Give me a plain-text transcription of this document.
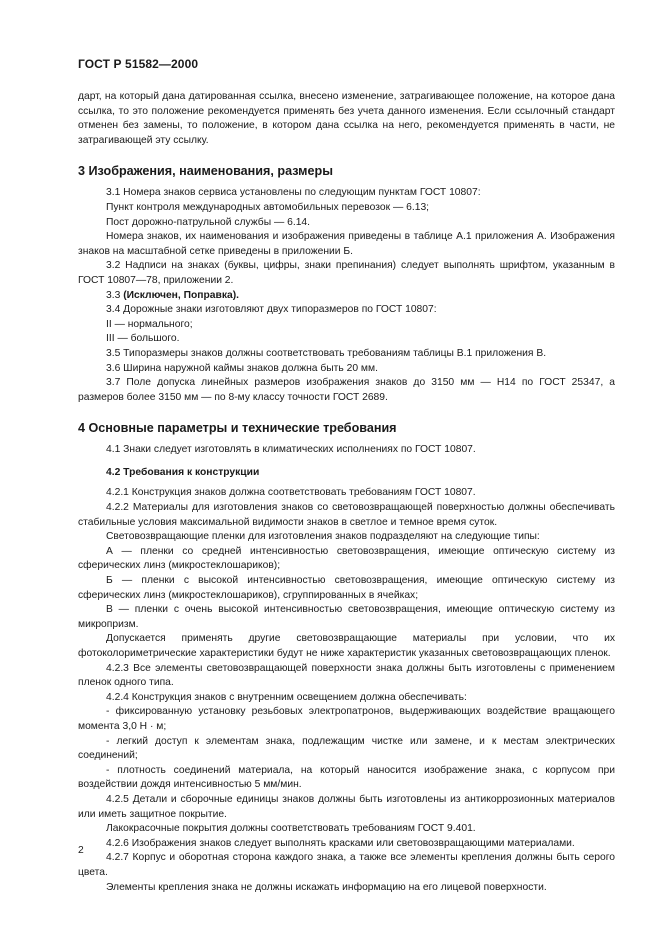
ГОСТ Р 51582—2000

дарт, на который дана датированная ссылка, внесено изменение, затрагивающее положение, на которое дана ссылка, то это положение рекомендуется применять без учета данного изменения. Если ссылочный стандарт отменен без замены, то положение, в котором дана ссылка на него, рекомендуется применять в части, не затрагивающей эту ссылку.

3 Изображения, наименования, размеры

3.1 Номера знаков сервиса установлены по следующим пунктам ГОСТ 10807:

Пункт контроля международных автомобильных перевозок — 6.13;

Пост дорожно-патрульной службы — 6.14.

Номера знаков, их наименования и изображения приведены в таблице А.1 приложения А. Изображения знаков на масштабной сетке приведены в приложении Б.

3.2 Надписи на знаках (буквы, цифры, знаки препинания) следует выполнять шрифтом, указанным в ГОСТ 10807—78, приложении 2.

3.3 (Исключен, Поправка).

3.4 Дорожные знаки изготовляют двух типоразмеров по ГОСТ 10807:

II — нормального;

III — большого.

3.5 Типоразмеры знаков должны соответствовать требованиям таблицы В.1 приложения В.

3.6 Ширина наружной каймы знаков должна быть 20 мм.

3.7 Поле допуска линейных размеров изображения знаков до 3150 мм — Н14 по ГОСТ 25347, а размеров более 3150 мм — по 8-му классу точности ГОСТ 2689.

4 Основные параметры и технические требования

4.1 Знаки следует изготовлять в климатических исполнениях по ГОСТ 10807.

4.2 Требования к конструкции

4.2.1 Конструкция знаков должна соответствовать требованиям ГОСТ 10807.

4.2.2 Материалы для изготовления знаков со световозвращающей поверхностью должны обеспечивать стабильные условия максимальной видимости знаков в светлое и темное время суток.

Световозвращающие пленки для изготовления знаков подразделяют на следующие типы:

А — пленки со средней интенсивностью световозвращения, имеющие оптическую систему из сферических линз (микростеклошариков);

Б — пленки с высокой интенсивностью световозвращения, имеющие оптическую систему из сферических линз (микростеклошариков), сгруппированных в ячейках;

В — пленки с очень высокой интенсивностью световозвращения, имеющие оптическую систему из микропризм.

Допускается применять другие световозвращающие материалы при условии, что их фотоколориметрические характеристики будут не ниже характеристик указанных световозвращающих пленок.

4.2.3 Все элементы световозвращающей поверхности знака должны быть изготовлены с применением пленок одного типа.

4.2.4 Конструкция знаков с внутренним освещением должна обеспечивать:

- фиксированную установку резьбовых электропатронов, выдерживающих воздействие вращающего момента 3,0 Н · м;

- легкий доступ к элементам знака, подлежащим чистке или замене, и к местам электрических соединений;

- плотность соединений материала, на который наносится изображение знака, с корпусом при воздействии дождя интенсивностью 5 мм/мин.

4.2.5 Детали и сборочные единицы знаков должны быть изготовлены из антикоррозионных материалов или иметь защитное покрытие.

Лакокрасочные покрытия должны соответствовать требованиям ГОСТ 9.401.

4.2.6 Изображения знаков следует выполнять красками или световозвращающими материалами.

4.2.7 Корпус и оборотная сторона каждого знака, а также все элементы крепления должны быть серого цвета.

Элементы крепления знака не должны искажать информацию на его лицевой поверхности.

2
